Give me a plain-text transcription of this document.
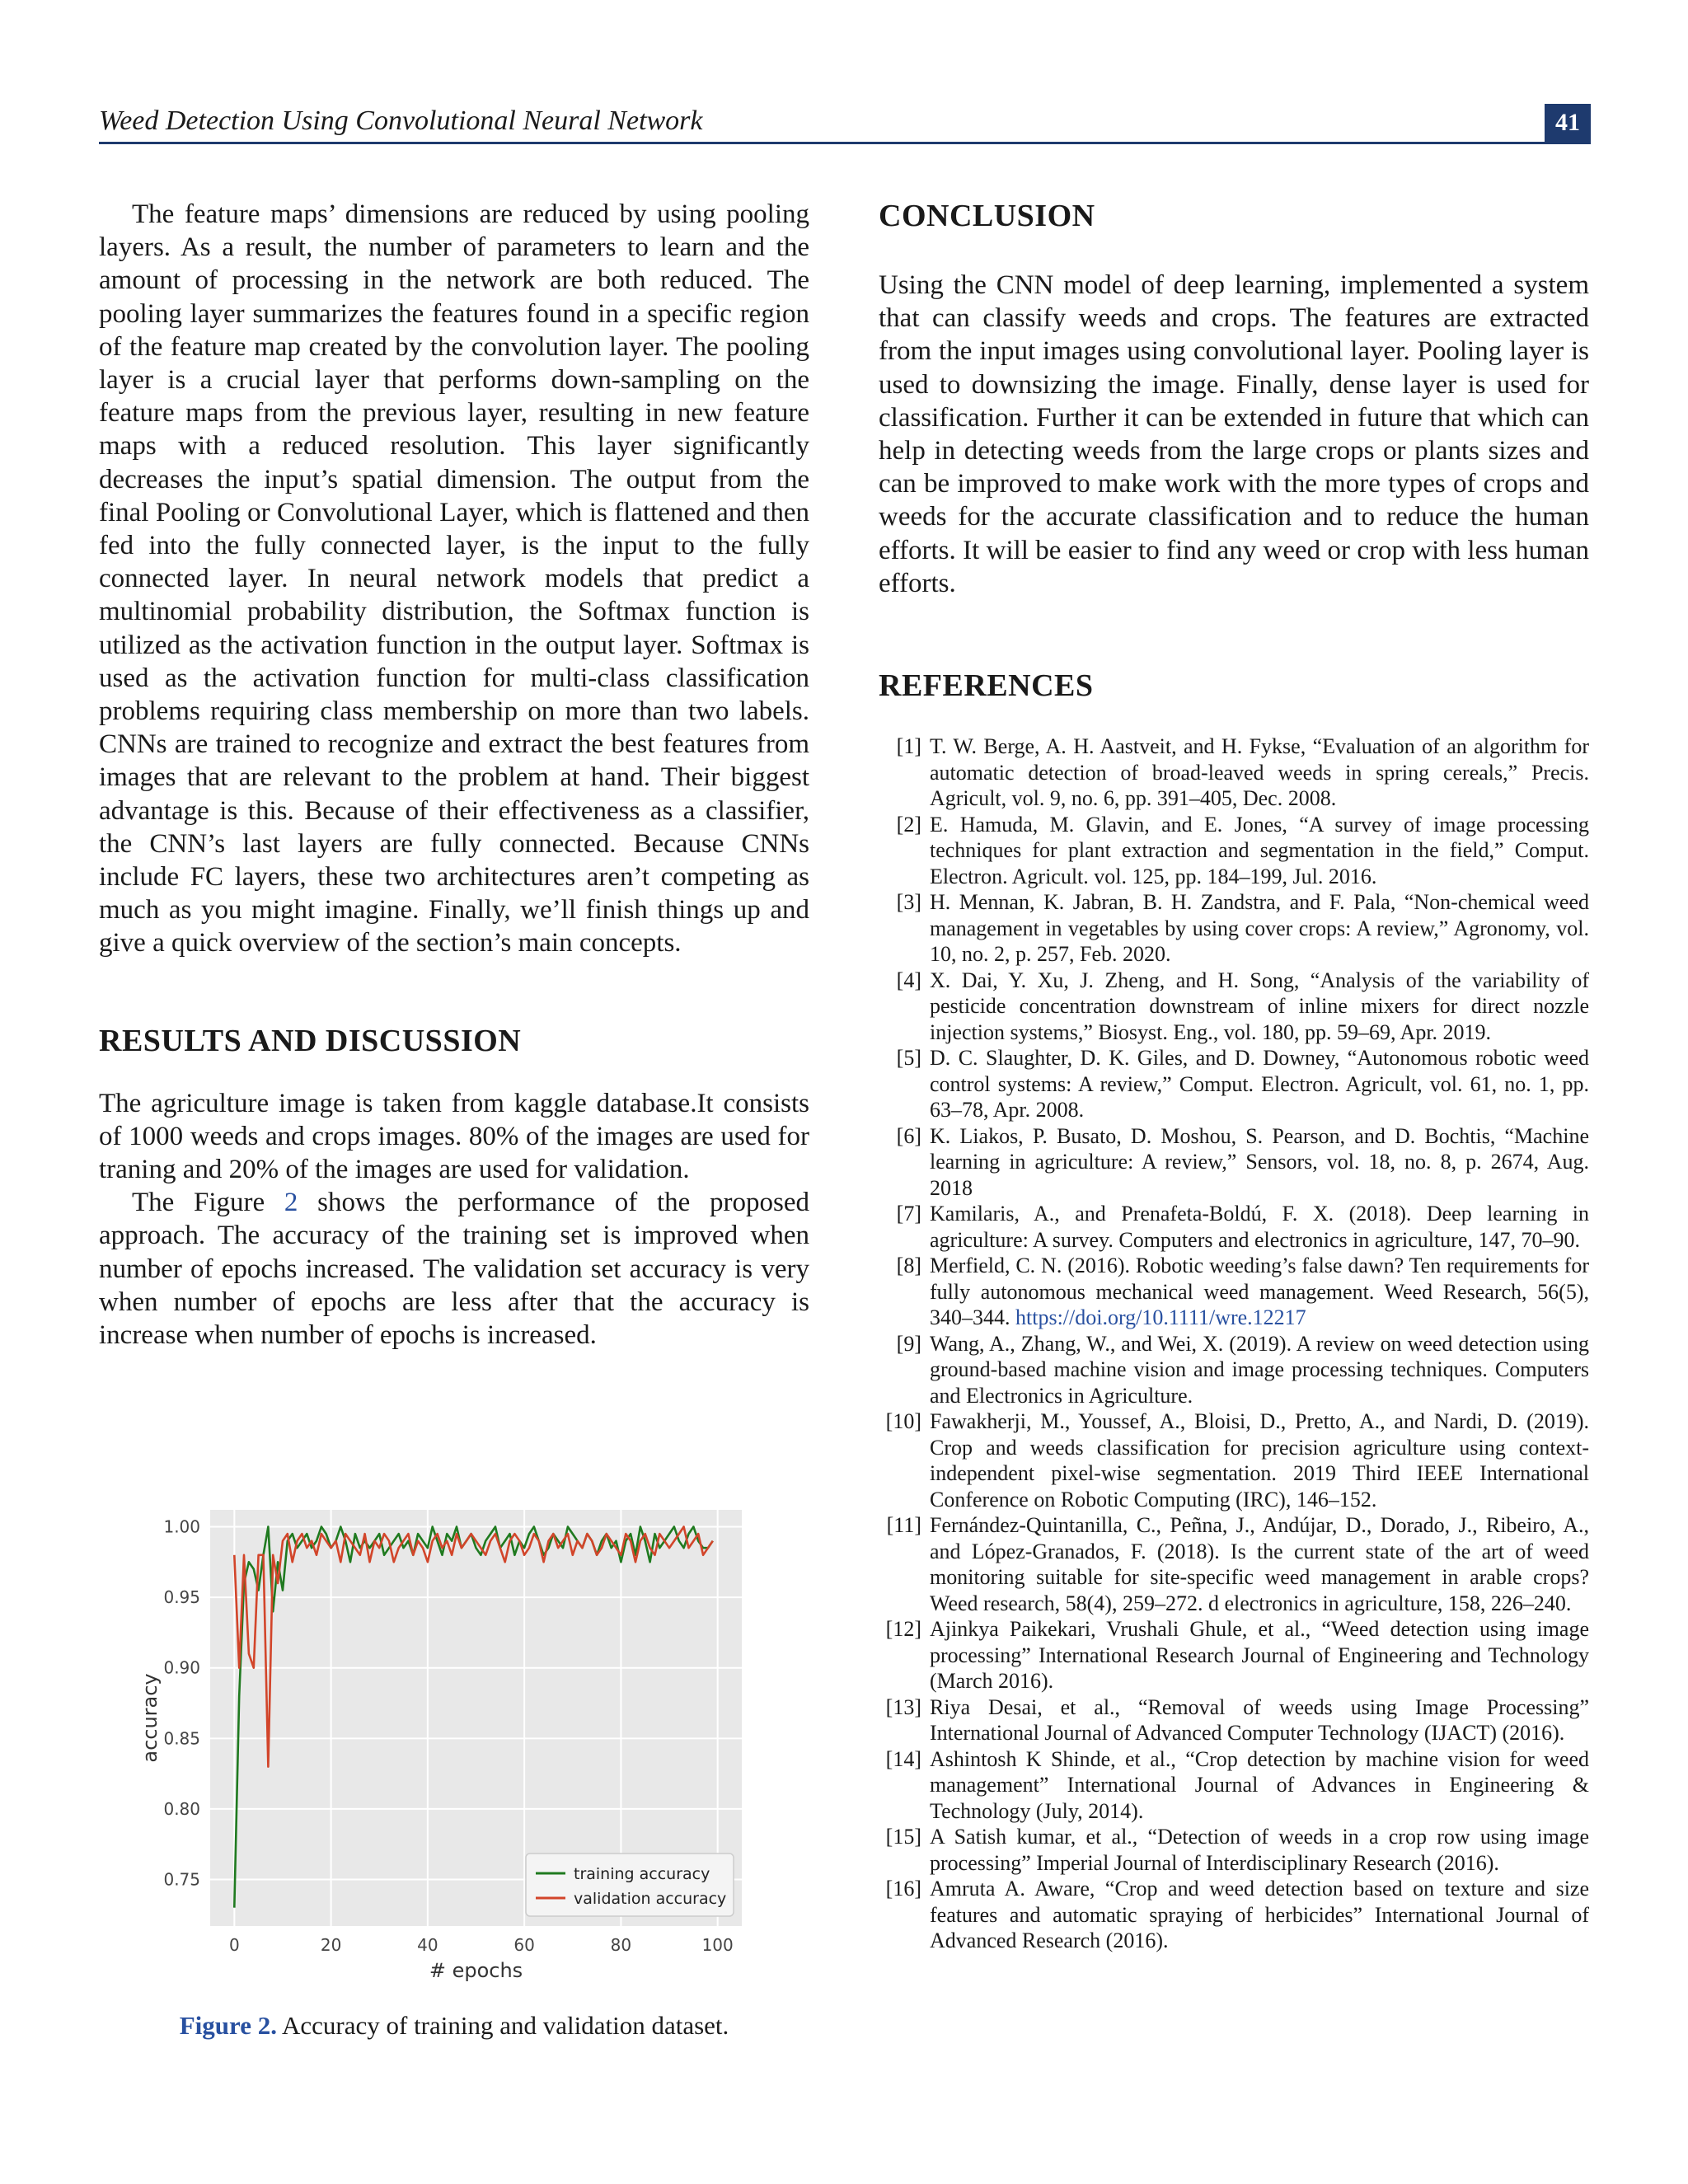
Weed Detection Using Convolutional Neural Network	41

The feature maps’ dimensions are reduced by using pooling layers. As a result, the number of parameters to learn and the amount of processing in the network are both reduced. The pooling layer summarizes the features found in a specific region of the feature map created by the convolution layer. The pooling layer is a crucial layer that performs down-sampling on the feature maps from the previous layer, resulting in new feature maps with a reduced resolution. This layer significantly decreases the input’s spatial dimension. The output from the final Pooling or Convolutional Layer, which is flattened and then fed into the fully connected layer, is the input to the fully connected layer. In neural network models that predict a multinomial probability distribution, the Softmax function is utilized as the activation function in the output layer. Softmax is used as the activation function for multi-class classification problems requiring class membership on more than two labels. CNNs are trained to recognize and extract the best features from images that are relevant to the problem at hand. Their biggest advantage is this. Because of their effectiveness as a classifier, the CNN’s last layers are fully connected. Because CNNs include FC layers, these two architectures aren’t competing as much as you might imagine. Finally, we’ll finish things up and give a quick overview of the section’s main concepts.

RESULTS AND DISCUSSION

The agriculture image is taken from kaggle database.It consists of 1000 weeds and crops images. 80% of the images are used for traning and 20% of the images are used for validation.

The Figure 2 shows the performance of the proposed approach. The accuracy of the training set is improved when number of epochs increased. The validation set accuracy is very when number of epochs are less after that the accuracy is increase when number of epochs is increased.

0	20	40	60	80	100
0.75
0.80
0.85
0.90
0.95
1.00
# epochs
accuracy
training accuracy
validation accuracy
Figure 2. Accuracy of training and validation dataset.
CONCLUSION

Using the CNN model of deep learning, implemented a system that can classify weeds and crops. The features are extracted from the input images using convolutional layer. Pooling layer is used to downsizing the image. Finally, dense layer is used for classification. Further it can be extended in future that which can help in detecting weeds from the large crops or plants sizes and can be improved to make work with the more types of crops and weeds for the accurate classification and to reduce the human efforts. It will be easier to find any weed or crop with less human efforts.

REFERENCES
[1] T. W. Berge, A. H. Aastveit, and H. Fykse, “Evaluation of an algorithm for automatic detection of broad-leaved weeds in spring cereals,” Precis. Agricult, vol. 9, no. 6, pp. 391–405, Dec. 2008.
[2] E. Hamuda, M. Glavin, and E. Jones, “A survey of image processing techniques for plant extraction and segmentation in the field,” Comput. Electron. Agricult. vol. 125, pp. 184–199, Jul. 2016.
[3] H. Mennan, K. Jabran, B. H. Zandstra, and F. Pala, “Non-chemical weed management in vegetables by using cover crops: A review,” Agronomy, vol. 10, no. 2, p. 257, Feb. 2020.
[4] X. Dai, Y. Xu, J. Zheng, and H. Song, “Analysis of the variability of pesticide concentration downstream of inline mixers for direct nozzle injection systems,” Biosyst. Eng., vol. 180, pp. 59–69, Apr. 2019.
[5] D. C. Slaughter, D. K. Giles, and D. Downey, “Autonomous robotic weed control systems: A review,” Comput. Electron. Agricult, vol. 61, no. 1, pp. 63–78, Apr. 2008.
[6] K. Liakos, P. Busato, D. Moshou, S. Pearson, and D. Bochtis, “Machine learning in agriculture: A review,” Sensors, vol. 18, no. 8, p. 2674, Aug. 2018
[7] Kamilaris, A., and Prenafeta-Boldú, F. X. (2018). Deep learning in agriculture: A survey. Computers and electronics in agriculture, 147, 70–90.
[8] Merfield, C. N. (2016). Robotic weeding’s false dawn? Ten requirements for fully autonomous mechanical weed management. Weed Research, 56(5), 340–344. https://doi.org/10.1111/wre.12217
[9] Wang, A., Zhang, W., and Wei, X. (2019). A review on weed detection using ground-based machine vision and image processing techniques. Computers and Electronics in Agriculture.
[10] Fawakherji, M., Youssef, A., Bloisi, D., Pretto, A., and Nardi, D. (2019). Crop and weeds classification for precision agriculture using context-independent pixel-wise segmentation. 2019 Third IEEE International Conference on Robotic Computing (IRC), 146–152.
[11] Fernández-Quintanilla, C., Peñna, J., Andújar, D., Dorado, J., Ribeiro, A., and López-Granados, F. (2018). Is the current state of the art of weed monitoring suitable for site-specific weed management in arable crops? Weed research, 58(4), 259–272. d electronics in agriculture, 158, 226–240.
[12] Ajinkya Paikekari, Vrushali Ghule, et al., “Weed detection using image processing” International Research Journal of Engineering and Technology (March 2016).
[13] Riya Desai, et al., “Removal of weeds using Image Processing” International Journal of Advanced Computer Technology (IJACT) (2016).
[14] Ashintosh K Shinde, et al., “Crop detection by machine vision for weed management” International Journal of Advances in Engineering & Technology (July, 2014).
[15] A Satish kumar, et al., “Detection of weeds in a crop row using image processing” Imperial Journal of Interdisciplinary Research (2016).
[16] Amruta A. Aware, “Crop and weed detection based on texture and size features and automatic spraying of herbicides” International Journal of Advanced Research (2016).
